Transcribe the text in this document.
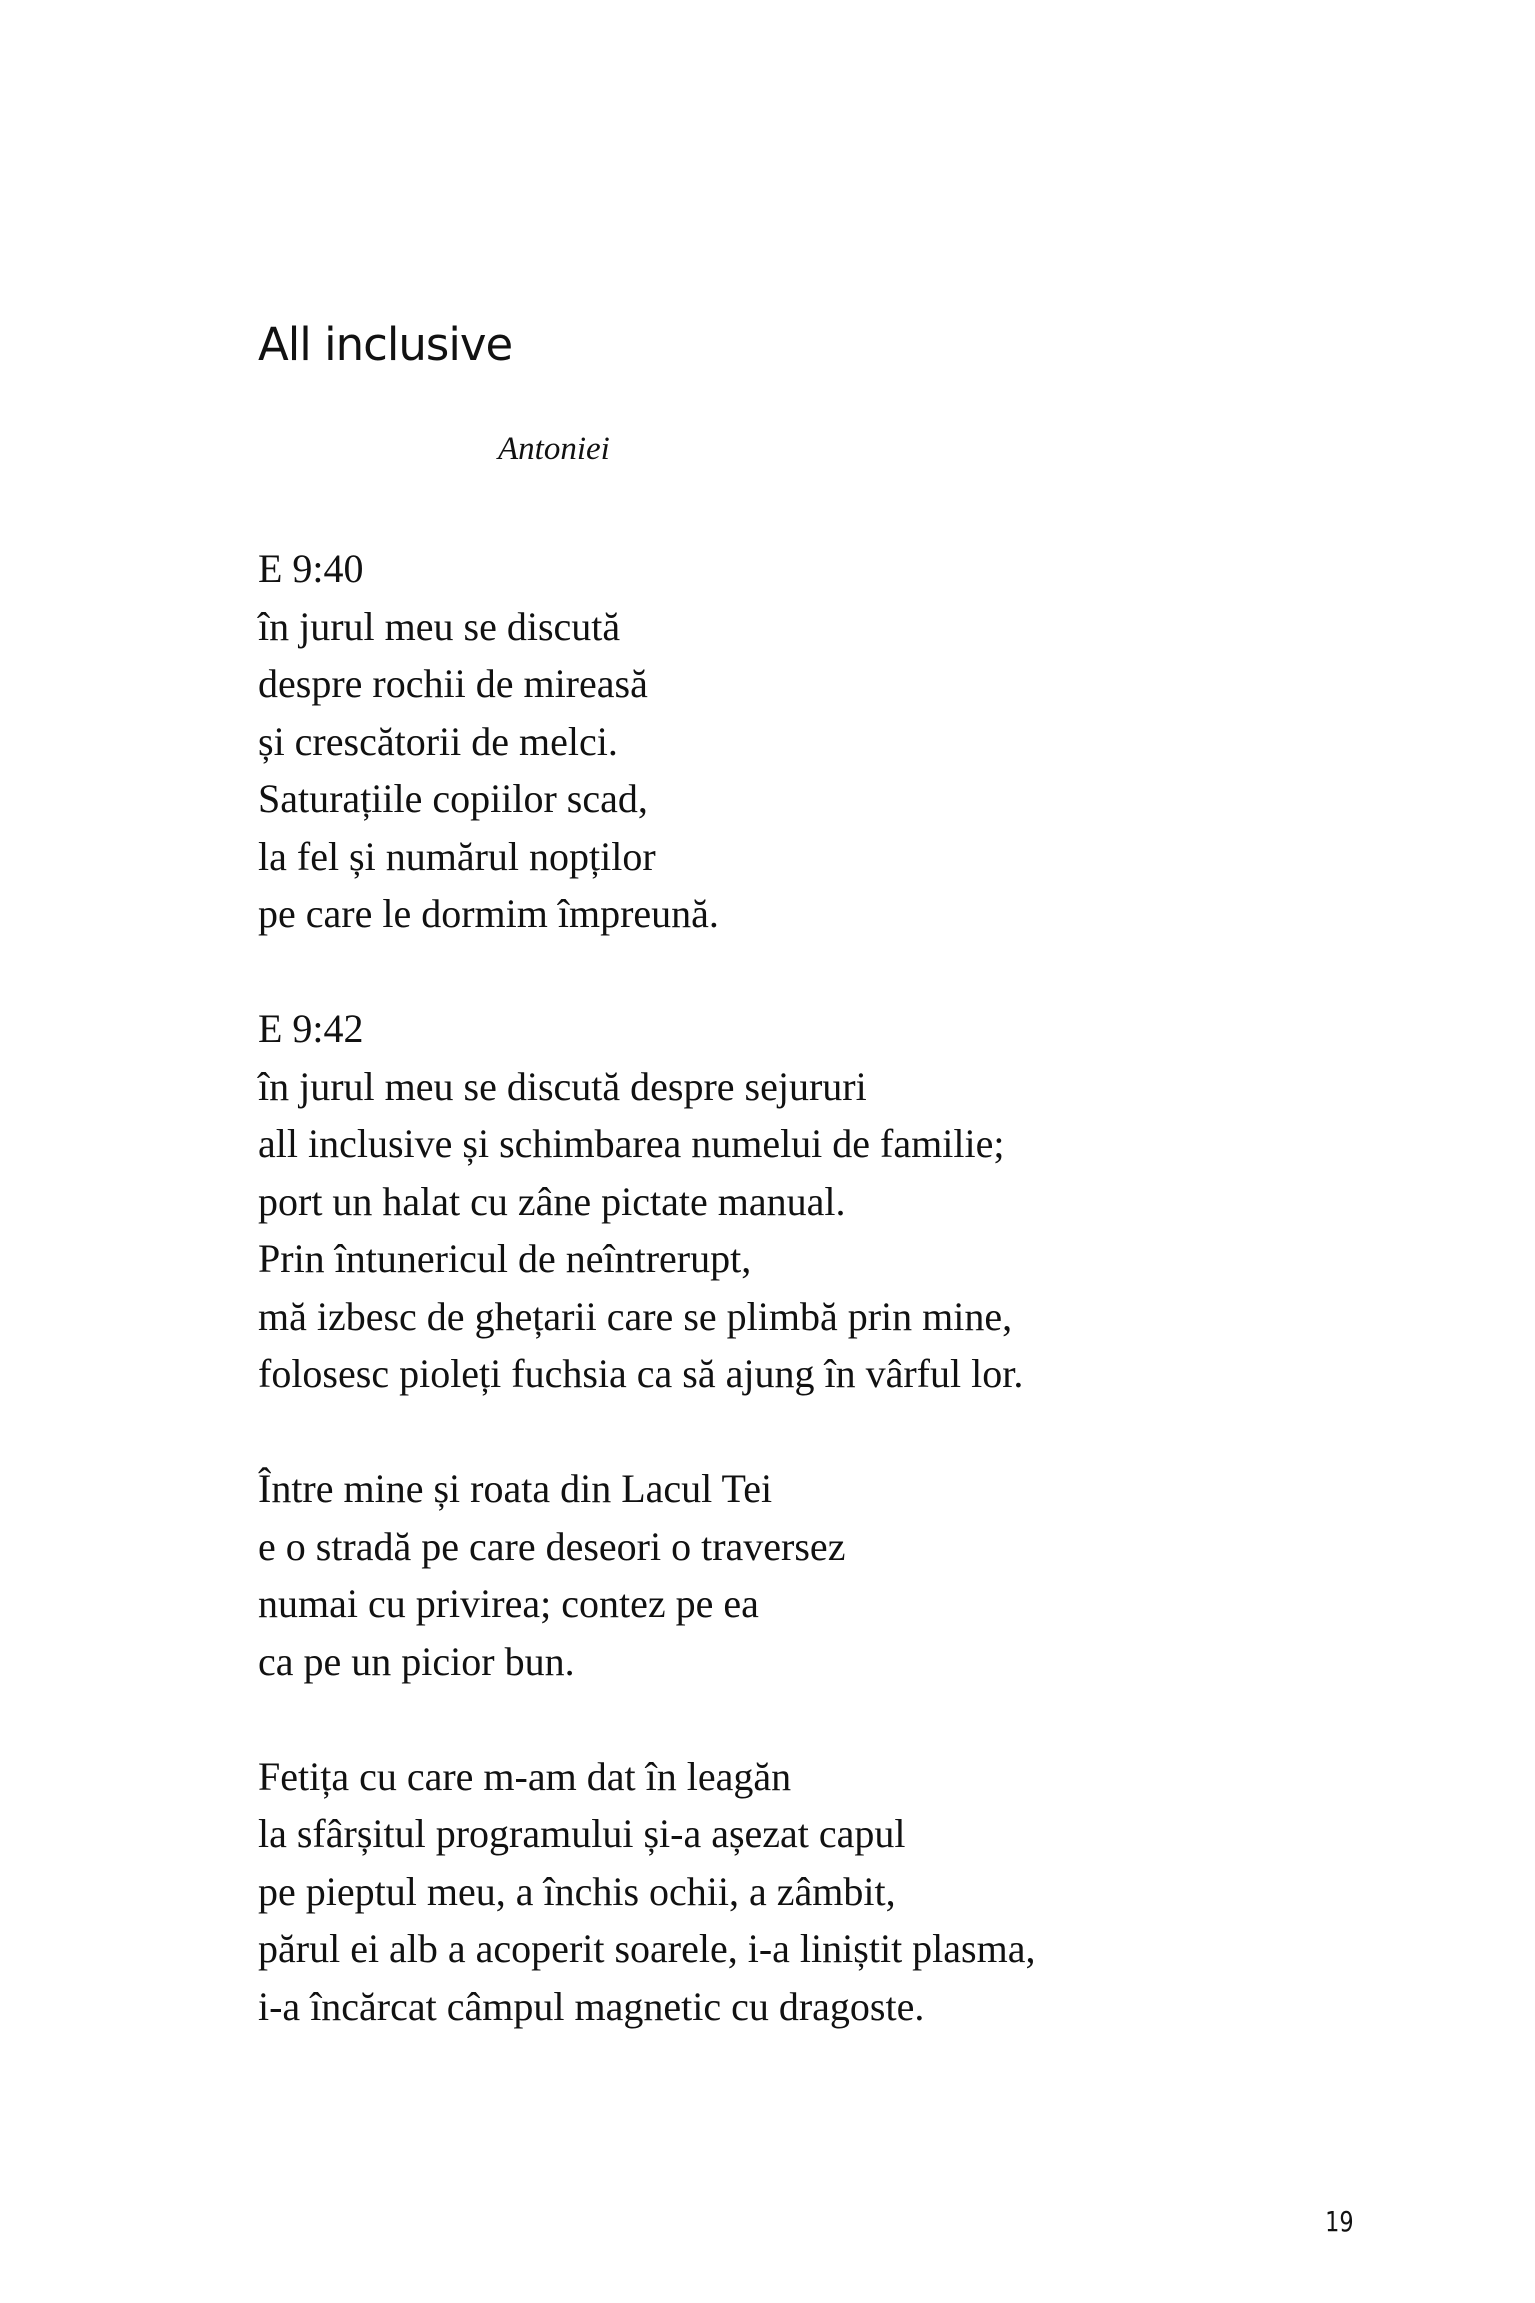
All inclusive

Antoniei

E 9:40
în jurul meu se discută
despre rochii de mireasă
și crescătorii de melci.
Saturațiile copiilor scad,
la fel și numărul nopților
pe care le dormim împreună.

E 9:42
în jurul meu se discută despre sejururi
all inclusive și schimbarea numelui de familie;
port un halat cu zâne pictate manual.
Prin întunericul de neîntrerupt,
mă izbesc de ghețarii care se plimbă prin mine,
folosesc pioleți fuchsia ca să ajung în vârful lor.

Între mine și roata din Lacul Tei
e o stradă pe care deseori o traversez
numai cu privirea; contez pe ea
ca pe un picior bun.

Fetița cu care m-am dat în leagăn
la sfârșitul programului și-a așezat capul
pe pieptul meu, a închis ochii, a zâmbit,
părul ei alb a acoperit soarele, i-a liniștit plasma,
i-a încărcat câmpul magnetic cu dragoste.

19
